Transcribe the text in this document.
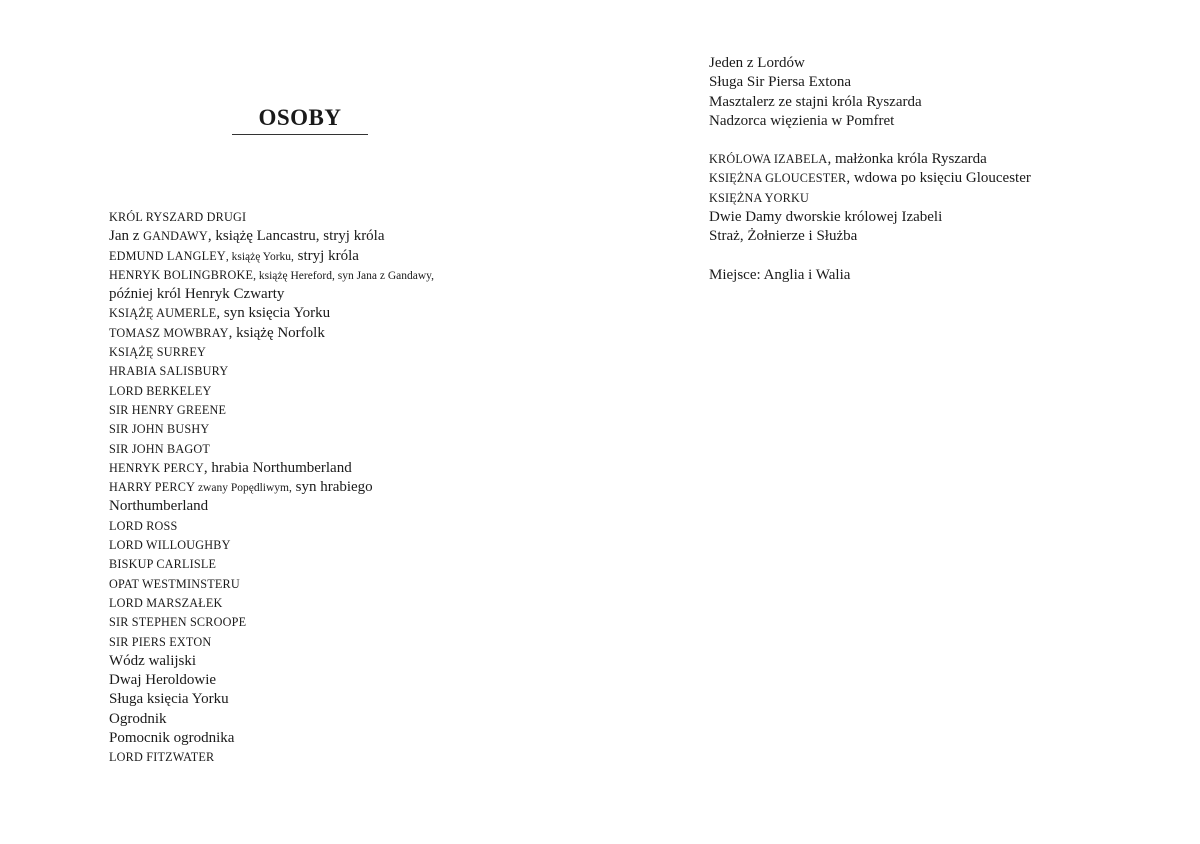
OSOBY
KRÓL RYSZARD DRUGI
Jan z GANDAWY, książę Lancastru, stryj króla
EDMUND LANGLEY, książę Yorku, stryj króla
HENRYK BOLINGBROKE, książę Hereford, syn Jana z Gandawy,
później król Henryk Czwarty
KSIĄŻĘ AUMERLE, syn księcia Yorku
TOMASZ MOWBRAY, książę Norfolk
KSIĄŻĘ SURREY
HRABIA SALISBURY
LORD BERKELEY
SIR HENRY GREENE
SIR JOHN BUSHY
SIR JOHN BAGOT
HENRYK PERCY, hrabia Northumberland
HARRY PERCY zwany Popędliwym, syn hrabiego
Northumberland
LORD ROSS
LORD WILLOUGHBY
BISKUP CARLISLE
OPAT WESTMINSTERU
LORD MARSZAŁEK
SIR STEPHEN SCROOPE
SIR PIERS EXTON
Wódz walijski
Dwaj Heroldowie
Sługa księcia Yorku
Ogrodnik
Pomocnik ogrodnika
LORD FITZWATER
Jeden z Lordów
Sługa Sir Piersa Extona
Masztalerz ze stajni króla Ryszarda
Nadzorca więzienia w Pomfret
KRÓLOWA IZABELA, małżonka króla Ryszarda
KSIĘŻNA GLOUCESTER, wdowa po księciu Gloucester
KSIĘŻNA YORKU
Dwie Damy dworskie królowej Izabeli
Straż, Żołnierze i Służba
Miejsce: Anglia i Walia
